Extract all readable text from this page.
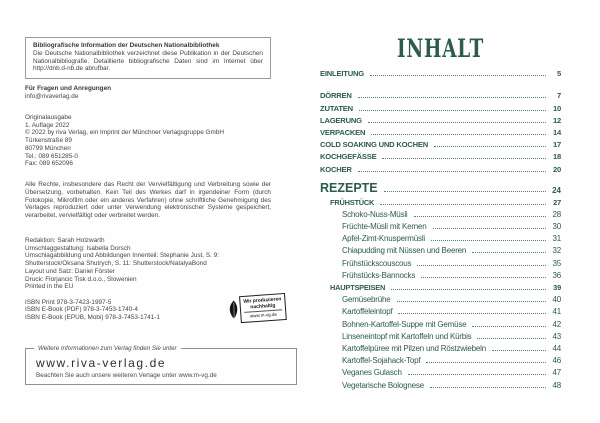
Bibliografische Information der Deutschen Nationalbibliothek
Die Deutsche Nationalbibliothek verzeichnet diese Publikation in der Deutschen Nationalbibliografie. Detaillierte bibliografische Daten sind im Internet über http://dnb.d-nb.de abrufbar.
Für Fragen und Anregungen
info@rivaverlag.de
Originalausgabe
1. Auflage 2022
© 2022 by riva Verlag, ein Imprint der Münchner Verlagsgruppe GmbH
Türkenstraße 89
80799 München
Tel.: 089 651285-0
Fax: 089 652096
Alle Rechte, insbesondere das Recht der Vervielfältigung und Verbreitung sowie der Übersetzung, vorbehalten. Kein Teil des Werkes darf in irgendeiner Form (durch Fotokopie, Mikrofilm oder ein anderes Verfahren) ohne schriftliche Genehmigung des Verlages reproduziert oder unter Verwendung elektronischer Systeme gespeichert, verarbeitet, vervielfältigt oder verbreitet werden.
Redaktion: Sarah Holzwarth
Umschlaggestaltung: Isabella Dorsch
Umschlagabbildung und Abbildungen Innenteil: Stephanie Just, S. 9: Shutterstock/Oksana Shutrych, S. 11: Shutterstock/NatalyaBond
Layout und Satz: Daniel Förster
Druck: Florjancic Tisk d.o.o., Slowenien
Printed in the EU
ISBN Print 978-3-7423-1997-5
ISBN E-Book (PDF) 978-3-7453-1740-4
ISBN E-Book (EPUB, Mobi) 978-3-7453-1741-1
Wir produzieren
nachhaltig
www.m-vg.de
Weitere Informationen zum Verlag finden Sie unter
www.riva-verlag.de
Beachten Sie auch unsere weiteren Verlage unter www.m-vg.de
INHALT
EINLEITUNG	5
DÖRREN	7
ZUTATEN	10
LAGERUNG	12
VERPACKEN	14
COLD SOAKING UND KOCHEN	17
KOCHGEFÄSSE	18
KOCHER	20
REZEPTE	24
FRÜHSTÜCK	27
Schoko-Nuss-Müsli	28
Früchte-Müsli mit Kernen	30
Apfel-Zimt-Knuspermüsli	31
Chiapudding mit Nüssen und Beeren	32
Frühstückscouscous	35
Frühstücks-Bannocks	36
HAUPTSPEISEN	39
Gemüsebrühe	40
Kartoffeleintopf	41
Bohnen-Kartoffel-Suppe mit Gemüse	42
Linseneintopf mit Kartoffeln und Kürbis	43
Kartoffelpüree mit Pilzen und Röstzwiebeln	44
Kartoffel-Sojahack-Topf	46
Veganes Gulasch	47
Vegetarische Bolognese	48
